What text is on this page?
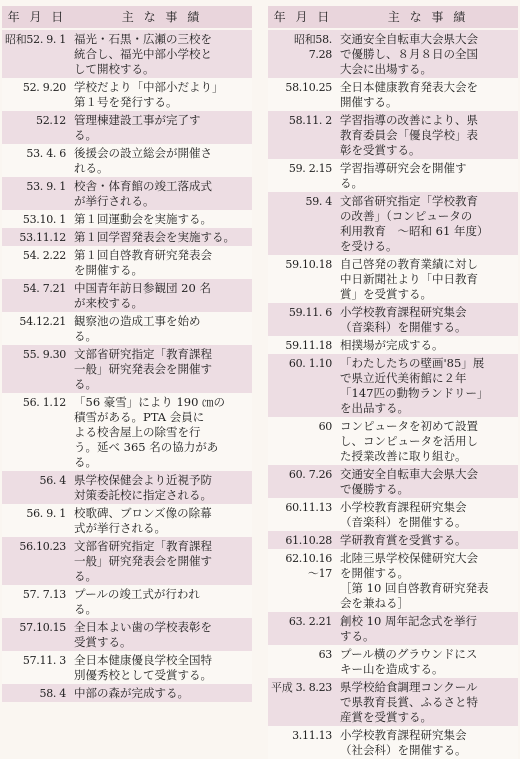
年 月 日	主 な 事 績
昭和52. 9. 1 福光・石黒・広瀬の三校を
統合し、福光中部小学校と
して開校する。
52. 9.20 学校だより「中部小だより」
第１号を発行する。
52.12 管理棟建設工事が完了す
る。
53. 4. 6 後援会の設立総会が開催さ
れる。
53. 9. 1 校舎・体育館の竣工落成式
が挙行される。
53.10. 1 第１回運動会を実施する。
53.11.12 第１回学習発表会を実施する。
54. 2.22 第１回自啓教育研究発表会
を開催する。
54. 7.21 中国青年訪日参観団 20 名
が来校する。
54.12.21 観察池の造成工事を始め
る。
55. 9.30 文部省研究指定「教育課程
一般」研究発表会を開催す
る。
56. 1.12 「56 豪雪」により 190 ㎝の
積雪がある。PTA 会員に
よる校舎屋上の除雪を行
う。延べ 365 名の協力があ
る。
56. 4 県学校保健会より近視予防
対策委託校に指定される。
56. 9. 1 校歌碑、ブロンズ像の除幕
式が挙行される。
56.10.23 文部省研究指定「教育課程
一般」研究発表会を開催す
る。
57. 7.13 プールの竣工式が行われ
る。
57.10.15 全日本よい歯の学校表彰を
受賞する。
57.11. 3 全日本健康優良学校全国特
別優秀校として受賞する。
58. 4 中部の森が完成する。
年 月 日	主 な 事 績
昭和58. 7.28
交通安全自転車大会県大会
で優勝し、８月８日の全国
大会に出場する。
58.10.25 全日本健康教育発表大会を
開催する。
58.11. 2 学習指導の改善により、県
教育委員会「優良学校」表
彰を受賞する。
59. 2.15 学習指導研究会を開催す
る。
59. 4 文部省研究指定「学校教育
の改善」（コンピュータの
利用教育　～昭和 61 年度）
を受ける。
59.10.18 自己啓発の教育業績に対し
中日新聞社より「中日教育
賞」を受賞する。
59.11. 6 小学校教育課程研究集会
（音楽科）を開催する。
59.11.18 相撲場が完成する。
60. 1.10 「わたしたちの壁画'85」展
で県立近代美術館に２年
「147匹の動物ランドリー」
を出品する。
60 コンピュータを初めて設置
し、コンピュータを活用し
た授業改善に取り組む。
60. 7.26 交通安全自転車大会県大会
で優勝する。
60.11.13 小学校教育課程研究集会
（音楽科）を開催する。
61.10.28 学研教育賞を受賞する。
62.10.16
～17
北陸三県学校保健研究大会
を開催する。
［第 10 回自啓教育研究発表
会を兼ねる］
63. 2.21 創校 10 周年記念式を挙行
する。
63 プール横のグラウンドにス
キー山を造成する。
平成 3. 8.23 県学校給食調理コンクール
で県教育長賞、ふるさと特
産賞を受賞する。
3.11.13 小学校教育課程研究集会
（社会科）を開催する。
